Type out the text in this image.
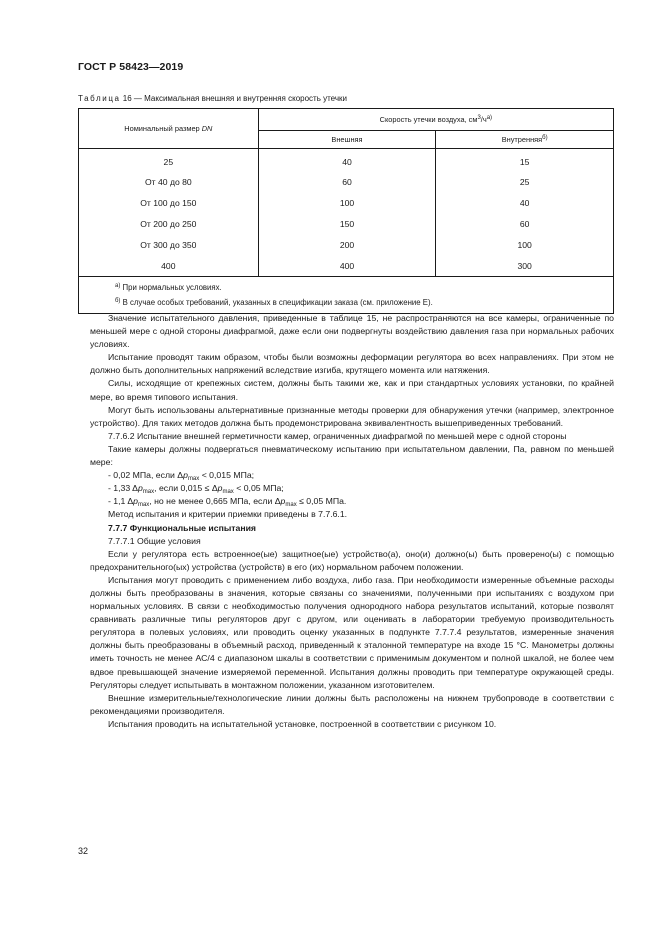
ГОСТ Р 58423—2019
Таблица 16 — Максимальная внешняя и внутренняя скорость утечки
Номинальный размер DN	Скорость утечки воздуха, $см^3/ч^{а)}$
	Внешняя	Внутренняя$^{б)}$
25	40	15
От 40 до 80	60	25
От 100 до 150	100	40
От 200 до 250	150	60
От 300 до 350	200	100
400	400	300
$^{а)}$ При нормальных условиях.		
$^{б)}$ В случае особых требований, указанных в спецификации заказа (см. приложение Е).		

Значение испытательного давления, приведенные в таблице 15, не распространяются на все камеры, ограниченные по меньшей мере с одной стороны диафрагмой, даже если они подвергнуты воздействию давления газа при нормальных рабочих условиях.

Испытание проводят таким образом, чтобы были возможны деформации регулятора во всех направлениях. При этом не должно быть дополнительных напряжений вследствие изгиба, крутящего момента или натяжения.

Силы, исходящие от крепежных систем, должны быть такими же, как и при стандартных условиях установки, по крайней мере, во время типового испытания.

Могут быть использованы альтернативные признанные методы проверки для обнаружения утечки (например, электронное устройство). Для таких методов должна быть продемонстрирована эквивалентность вышеприведенных требований.

7.7.6.2 Испытание внешней герметичности камер, ограниченных диафрагмой по меньшей мере с одной стороны

Такие камеры должны подвергаться пневматическому испытанию при испытательном давлении, Па, равном по меньшей мере:

- 0,02 МПа, если $\Delta p_{max} < 0,015$ МПа;

- 1,33 $\Delta p_{max}$, если $0,015 \le \Delta p_{max} < 0,05$ МПа;

- 1,1 $\Delta p_{max}$, но не менее 0,665 МПа, если $\Delta p_{max} \le 0,05$ МПа.

Метод испытания и критерии приемки приведены в 7.7.6.1.

7.7.7 Функциональные испытания

7.7.7.1 Общие условия

Если у регулятора есть встроенное(ые) защитное(ые) устройство(а), оно(и) должно(ы) быть проверено(ы) с помощью предохранительного(ых) устройства (устройств) в его (их) нормальном рабочем положении.

Испытания могут проводить с применением либо воздуха, либо газа. При необходимости измеренные объемные расходы должны быть преобразованы в значения, которые связаны со значениями, полученными при испытаниях с воздухом при нормальных условиях. В связи с необходимостью получения однородного набора результатов испытаний, которые позволят сравнивать различные типы регуляторов друг с другом, или оценивать в лаборатории требуемую производительность регулятора в полевых условиях, или проводить оценку указанных в подпункте 7.7.7.4 результатов, измеренные значения должны быть преобразованы в объемный расход, приведенный к эталонной температуре на входе 15 °С. Манометры должны иметь точность не менее АС/4 с диапазоном шкалы в соответствии с применимым документом и полной шкалой, не более чем вдвое превышающей значение измеряемой переменной. Испытания должны проводить при температуре окружающей среды. Регуляторы следует испытывать в монтажном положении, указанном изготовителем.

Внешние измерительные/технологические линии должны быть расположены на нижнем трубопроводе в соответствии с рекомендациями производителя.

Испытания проводить на испытательной установке, построенной в соответствии с рисунком 10.

32
